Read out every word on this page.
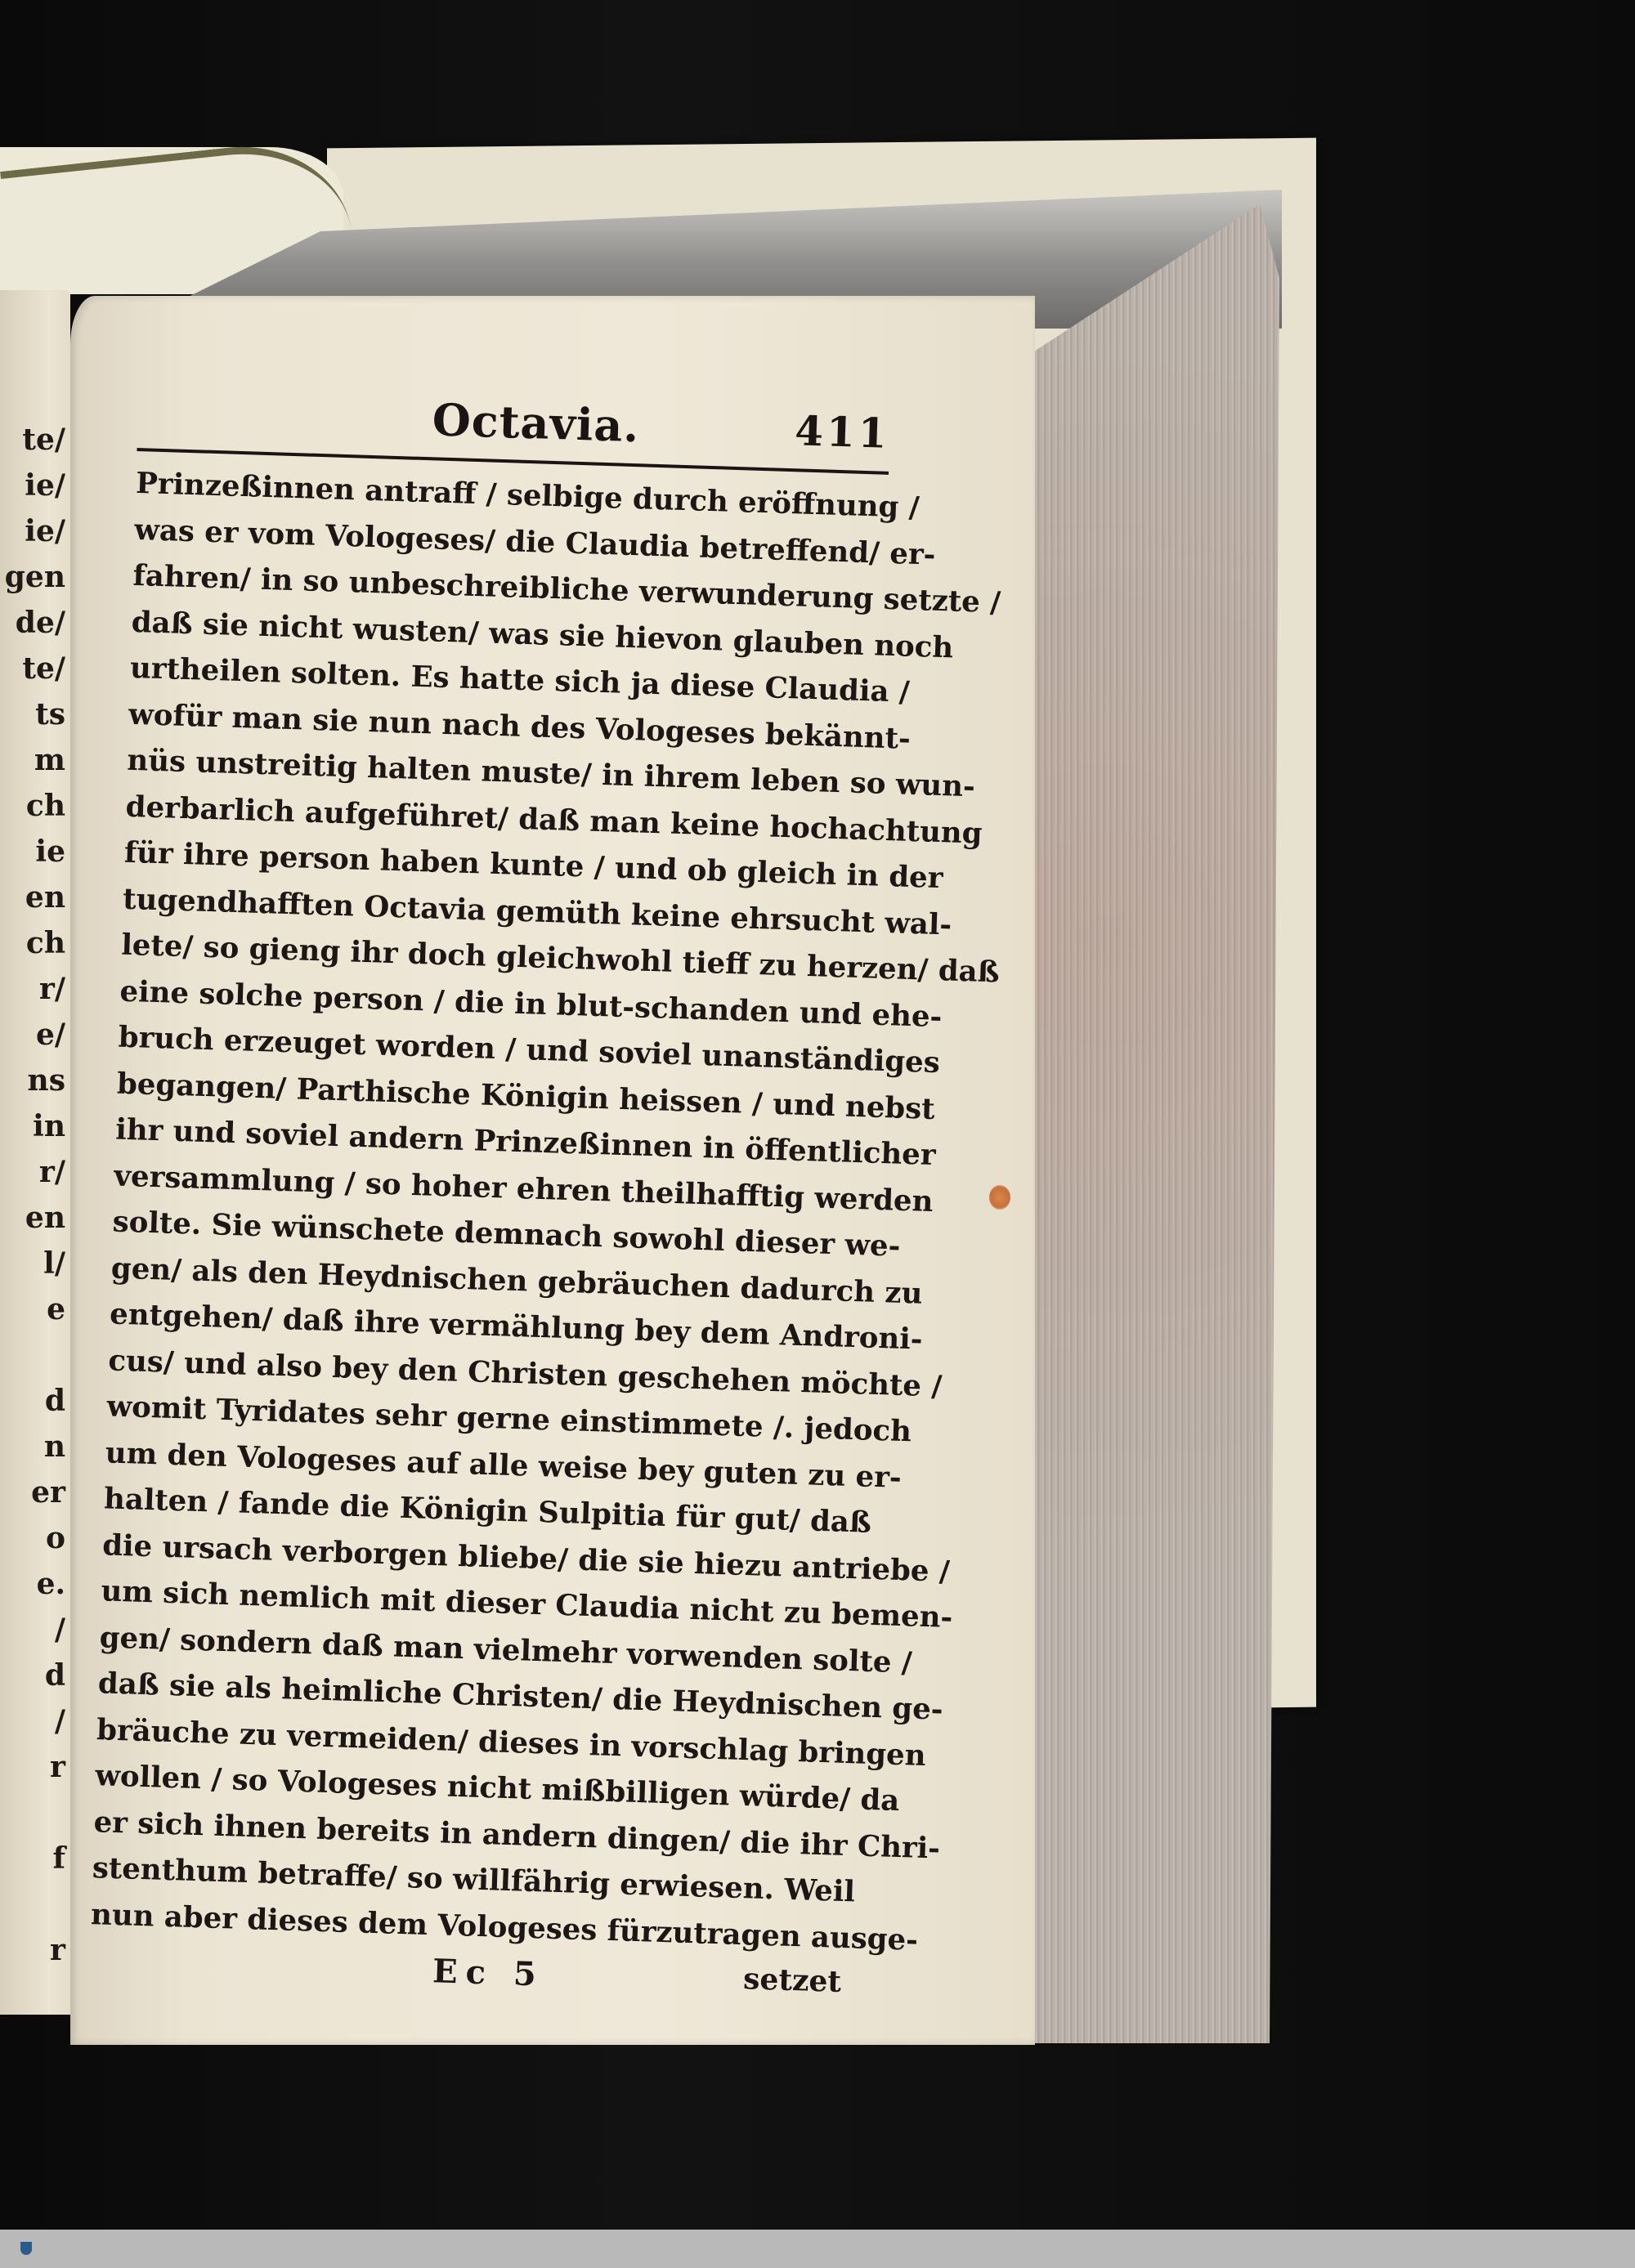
te/
ie/
ie/
gen
de/
te/
ts
m
ch
ie
en
ch
r/
e/
ns
in
r/
en
l/
e
d
n
er
o
e.
/
d
/
r
f
r
Octavia.	411
Prinzeßinnen antraff / selbige durch eröffnung /
was er vom Vologeses/ die Claudia betreffend/ er-
fahren/ in so unbeschreibliche verwunderung setzte /
daß sie nicht wusten/ was sie hievon glauben noch
urtheilen solten. Es hatte sich ja diese Claudia /
wofür man sie nun nach des Vologeses bekännt-
nüs unstreitig halten muste/ in ihrem leben so wun-
derbarlich aufgeführet/ daß man keine hochachtung
für ihre person haben kunte / und ob gleich in der
tugendhafften Octavia gemüth keine ehrsucht wal-
lete/ so gieng ihr doch gleichwohl tieff zu herzen/ daß
eine solche person / die in blut-schanden und ehe-
bruch erzeuget worden / und soviel unanständiges
begangen/ Parthische Königin heissen / und nebst
ihr und soviel andern Prinzeßinnen in öffentlicher
versammlung / so hoher ehren theilhafftig werden
solte. Sie wünschete demnach sowohl dieser we-
gen/ als den Heydnischen gebräuchen dadurch zu
entgehen/ daß ihre vermählung bey dem Androni-
cus/ und also bey den Christen geschehen möchte /
womit Tyridates sehr gerne einstimmete /. jedoch
um den Vologeses auf alle weise bey guten zu er-
halten / fande die Königin Sulpitia für gut/ daß
die ursach verborgen bliebe/ die sie hiezu antriebe /
um sich nemlich mit dieser Claudia nicht zu bemen-
gen/ sondern daß man vielmehr vorwenden solte /
daß sie als heimliche Christen/ die Heydnischen ge-
bräuche zu vermeiden/ dieses in vorschlag bringen
wollen / so Vologeses nicht mißbilligen würde/ da
er sich ihnen bereits in andern dingen/ die ihr Chri-
stenthum betraffe/ so willfährig erwiesen. Weil
nun aber dieses dem Vologeses fürzutragen ausge-
Ec 5	setzet
